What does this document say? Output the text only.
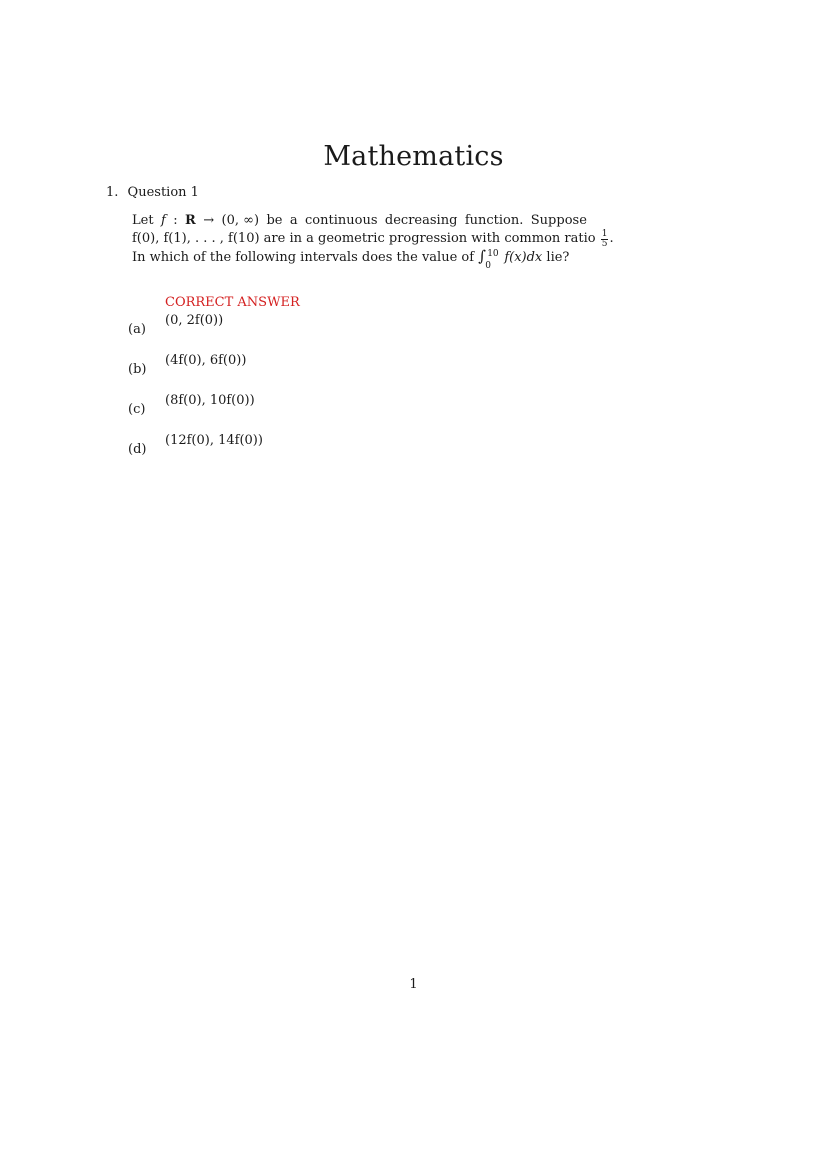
Mathematics
1. Question 1
Let f : R → (0, ∞) be a continuous decreasing function. Suppose
f(0), f(1), . . . , f(10) are in a geometric progression with common ratio $\frac{1}{5}$ .
In which of the following intervals does the value of ∫ 10
0
f(x)dx lie?
CORRECT ANSWER
(a)
(0, 2f(0))
(b)
(4f(0), 6f(0))
(c)
(8f(0), 10f(0))
(d)
(12f(0), 14f(0))
1
